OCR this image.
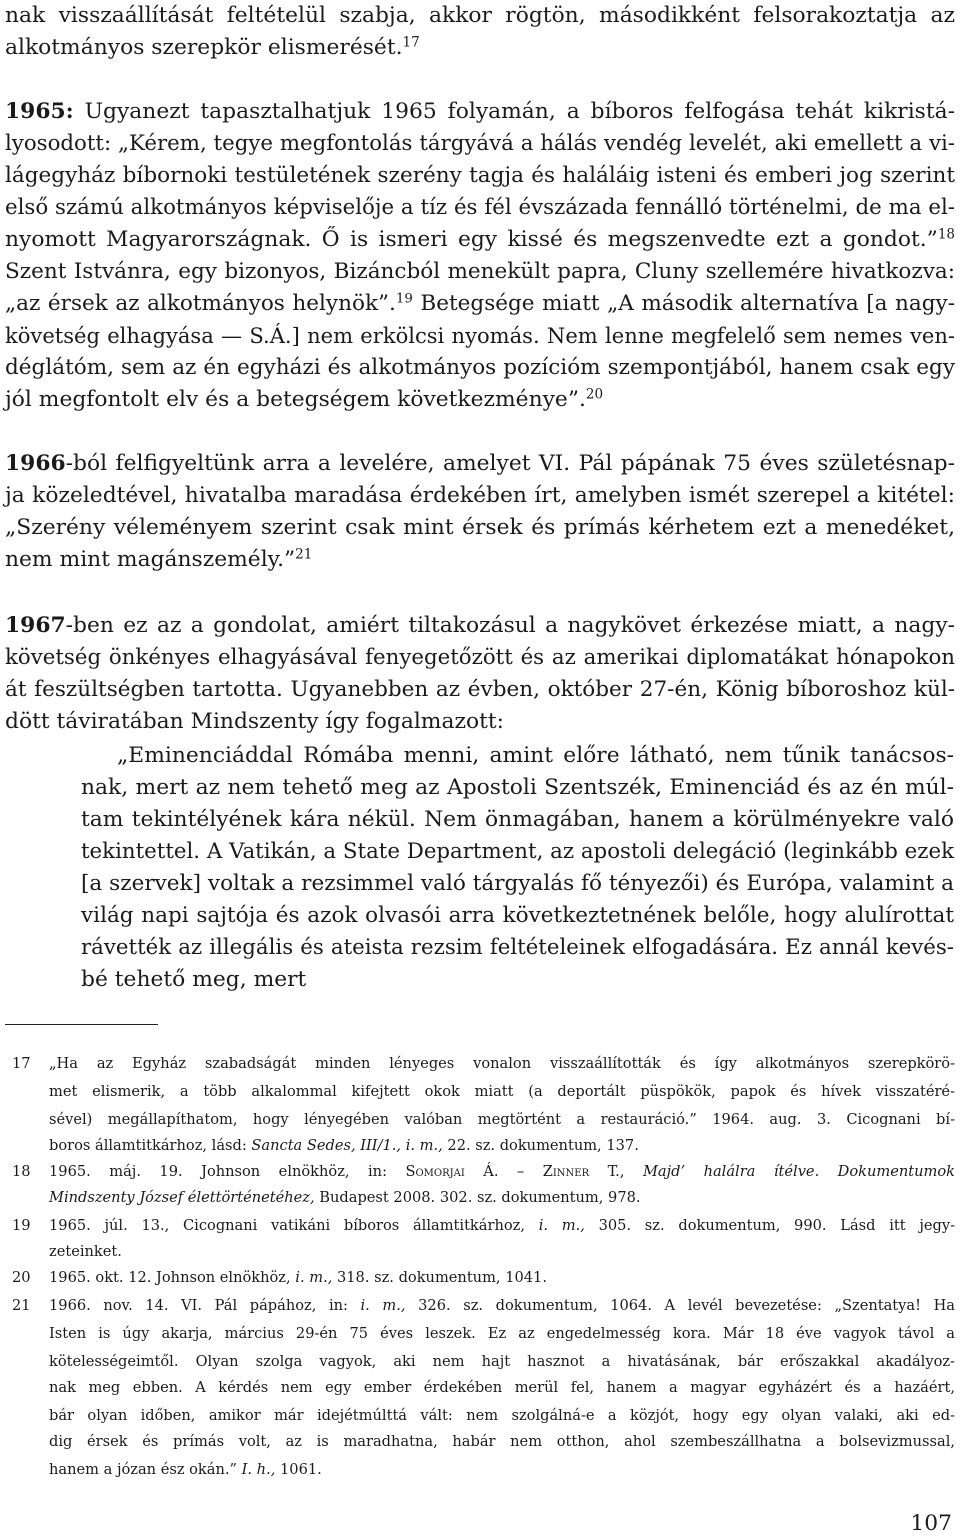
nak visszaállítását feltételül szabja, akkor rögtön, másodikként felsorakoztatja az
alkotmányos szerepkör elismerését.$^{17}$
1965: Ugyanezt tapasztalhatjuk 1965 folyamán, a bíboros felfogása tehát kikristá-
lyosodott: „Kérem, tegye megfontolás tárgyává a hálás vendég levelét, aki emellett a vi-
lágegyház bíbornoki testületének szerény tagja és haláláig isteni és emberi jog szerint
első számú alkotmányos képviselője a tíz és fél évszázada fennálló történelmi, de ma el-
nyomott Magyarországnak. Ő is ismeri egy kissé és megszenvedte ezt a gondot.”$^{18}$
Szent Istvánra, egy bizonyos, Bizáncból menekült papra, Cluny szellemére hivatkozva:
„az érsek az alkotmányos helynök”.$^{19}$ Betegsége miatt „A második alternatíva [a nagy-
követség elhagyása — S.Á.] nem erkölcsi nyomás. Nem lenne megfelelő sem nemes ven-
déglátóm, sem az én egyházi és alkotmányos pozícióm szempontjából, hanem csak egy
jól megfontolt elv és a betegségem következménye”.$^{20}$
1966-ból felfigyeltünk arra a levelére, amelyet VI. Pál pápának 75 éves születésnap-
ja közeledtével, hivatalba maradása érdekében írt, amelyben ismét szerepel a kitétel:
„Szerény véleményem szerint csak mint érsek és prímás kérhetem ezt a menedéket,
nem mint magánszemély.”$^{21}$
1967-ben ez az a gondolat, amiért tiltakozásul a nagykövet érkezése miatt, a nagy-
követség önkényes elhagyásával fenyegetőzött és az amerikai diplomatákat hónapokon
át feszültségben tartotta. Ugyanebben az évben, október 27-én, König bíboroshoz kül-
dött táviratában Mindszenty így fogalmazott:
„Eminenciáddal Rómába menni, amint előre látható, nem tűnik tanácsos-
nak, mert az nem tehető meg az Apostoli Szentszék, Eminenciád és az én múl-
tam tekintélyének kára nékül. Nem önmagában, hanem a körülményekre való
tekintettel. A Vatikán, a State Department, az apostoli delegáció (leginkább ezek
[a szervek] voltak a rezsimmel való tárgyalás fő tényezői) és Európa, valamint a
világ napi sajtója és azok olvasói arra következtetnének belőle, hogy alulírottat
rávették az illegális és ateista rezsim feltételeinek elfogadására. Ez annál kevés-
bé tehető meg, mert
17 „Ha az Egyház szabadságát minden lényeges vonalon visszaállították és így alkotmányos szerepkörö-
met elismerik, a több alkalommal kifejtett okok miatt (a deportált püspökök, papok és hívek visszatéré-
sével) megállapíthatom, hogy lényegében valóban megtörtént a restauráció.” 1964. aug. 3. Cicognani bí-
boros államtitkárhoz, lásd: Sancta Sedes, III/1., i. m., 22. sz. dokumentum, 137.
18 1965. máj. 19. Johnson elnökhöz, in: Somorjai Á. – Zinner T., Majd’ halálra ítélve. Dokumentumok
Mindszenty József élettörténetéhez, Budapest 2008. 302. sz. dokumentum, 978.
19 1965. júl. 13., Cicognani vatikáni bíboros államtitkárhoz, i. m., 305. sz. dokumentum, 990. Lásd itt jegy-
zeteinket.
20 1965. okt. 12. Johnson elnökhöz, i. m., 318. sz. dokumentum, 1041.
21 1966. nov. 14. VI. Pál pápához, in: i. m., 326. sz. dokumentum, 1064. A levél bevezetése: „Szentatya! Ha
Isten is úgy akarja, március 29-én 75 éves leszek. Ez az engedelmesség kora. Már 18 éve vagyok távol a
kötelességeimtől. Olyan szolga vagyok, aki nem hajt hasznot a hivatásának, bár erőszakkal akadályoz-
nak meg ebben. A kérdés nem egy ember érdekében merül fel, hanem a magyar egyházért és a hazáért,
bár olyan időben, amikor már idejétmúlttá vált: nem szolgálná-e a közjót, hogy egy olyan valaki, aki ed-
dig érsek és prímás volt, az is maradhatna, habár nem otthon, ahol szembeszállhatna a bolsevizmussal,
hanem a józan ész okán.” I. h., 1061.
107
